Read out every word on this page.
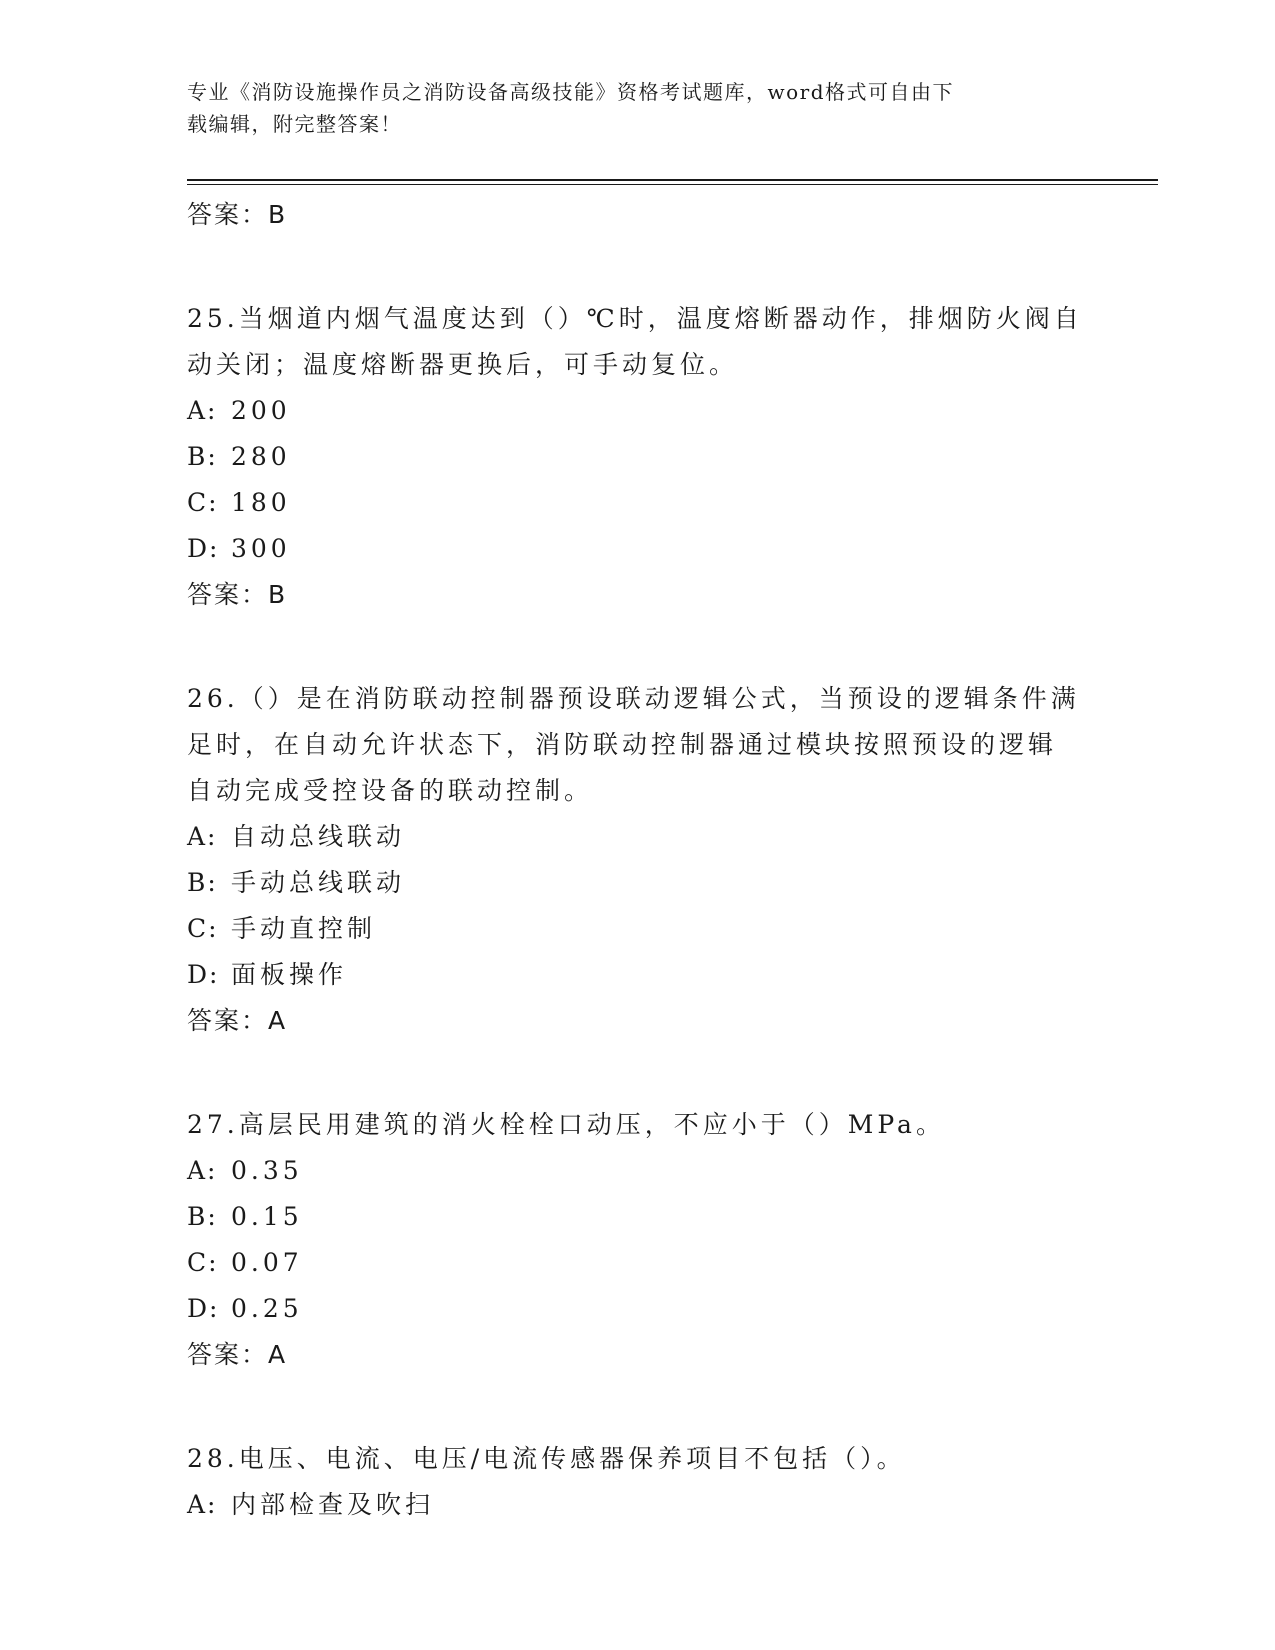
专业《消防设施操作员之消防设备高级技能》资格考试题库，word格式可自由下
载编辑，附完整答案！
答案：B
25.当烟道内烟气温度达到（）℃时，温度熔断器动作，排烟防火阀自
动关闭；温度熔断器更换后，可手动复位。
A: 200
B: 280
C: 180
D: 300
答案：B
26.（）是在消防联动控制器预设联动逻辑公式，当预设的逻辑条件满
足时，在自动允许状态下，消防联动控制器通过模块按照预设的逻辑
自动完成受控设备的联动控制。
A: 自动总线联动
B: 手动总线联动
C: 手动直控制
D: 面板操作
答案：A
27.高层民用建筑的消火栓栓口动压，不应小于（）MPa。
A: 0.35
B: 0.15
C: 0.07
D: 0.25
答案：A
28.电压、电流、电压/电流传感器保养项目不包括（）。
A: 内部检查及吹扫
